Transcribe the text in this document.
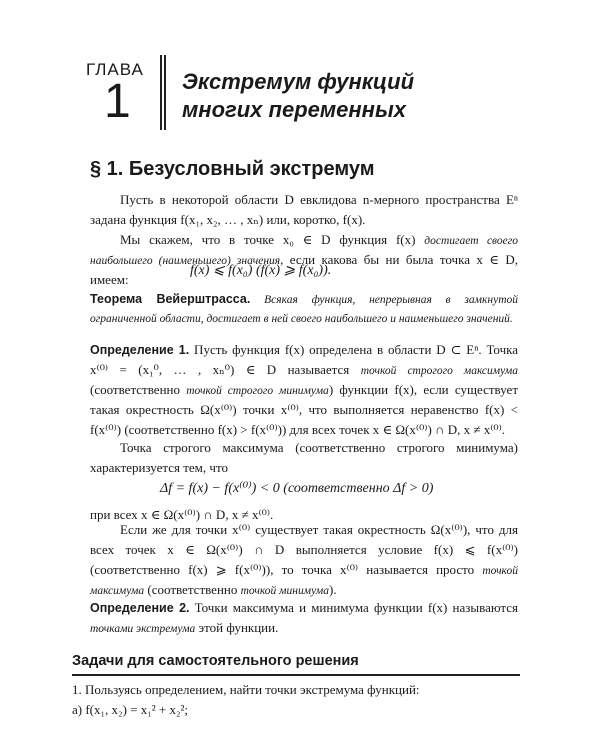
ГЛАВА
1 Экстремум функций
многих переменных
§ 1. Безусловный экстремум
Пусть в некоторой области D евклидова n-мерного пространства Eⁿ задана функция f(x₁, x₂, … , xₙ) или, коротко, f(x).
Мы скажем, что в точке x₀ ∈ D функция f(x) достигает своего наибольшего (наименьшего) значения, если какова бы ни была точка x ∈ D, имеем:
f(x) ⩽ f(x₀) (f(x) ⩾ f(x₀)).
Теорема Вейерштрасса. Всякая функция, непрерывная в замкнутой ограниченной области, достигает в ней своего наибольшего и наименьшего значений.
Определение 1. Пусть функция f(x) определена в области D ⊂ Eⁿ. Точка x⁽⁰⁾ = (x₁⁰, … , xₙ⁰) ∈ D называется точкой строгого максимума (соответственно точкой строгого минимума) функции f(x), если существует такая окрестность Ω(x⁽⁰⁾) точки x⁽⁰⁾, что выполняется неравенство f(x) < f(x⁽⁰⁾) (соответственно f(x) > f(x⁽⁰⁾)) для всех точек x ∈ Ω(x⁽⁰⁾) ∩ D, x ≠ x⁽⁰⁾.
Точка строгого максимума (соответственно строгого минимума) характеризуется тем, что
Δf = f(x) − f(x⁽⁰⁾) < 0 (соответственно Δf > 0)
при всех x ∈ Ω(x⁽⁰⁾) ∩ D, x ≠ x⁽⁰⁾.
Если же для точки x⁽⁰⁾ существует такая окрестность Ω(x⁽⁰⁾), что для всех точек x ∈ Ω(x⁽⁰⁾) ∩ D выполняется условие f(x) ⩽ f(x⁽⁰⁾) (соответственно f(x) ⩾ f(x⁽⁰⁾)), то точка x⁽⁰⁾ называется просто точкой максимума (соответственно точкой минимума).
Определение 2. Точки максимума и минимума функции f(x) называются точками экстремума этой функции.
Задачи для самостоятельного решения
1. Пользуясь определением, найти точки экстремума функций:
а) f(x₁, x₂) = x₁² + x₂²;
